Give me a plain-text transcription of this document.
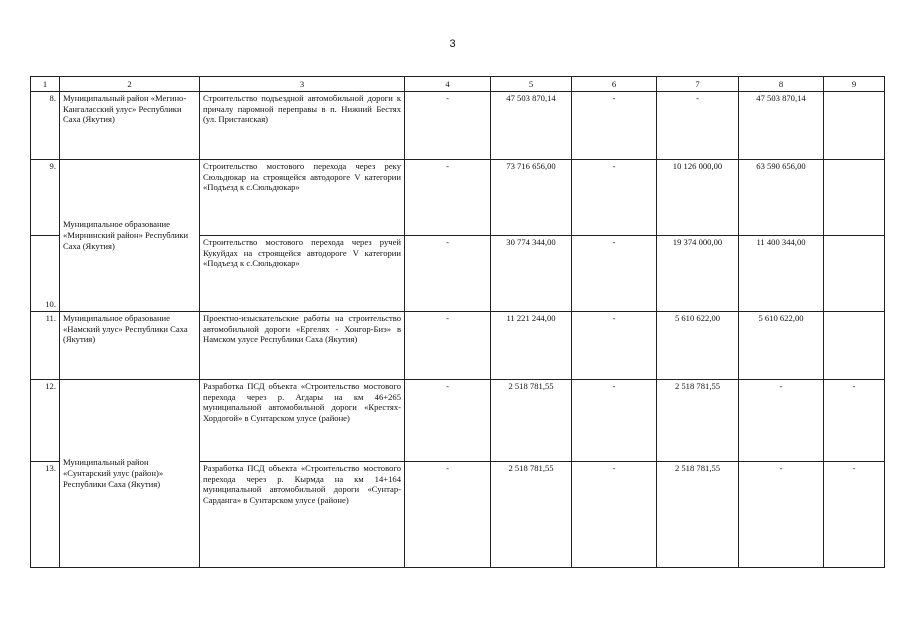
3
1	2	3	4	5	6	7	8	9
8.	Муниципальный район «Мегино-Кангаласский улус» Республики Саха (Якутия)	Строительство подъездной автомобильной дороги к причалу паромной переправы в п. Нижний Бестях (ул. Пристанская)	-	47 503 870,14	-	-	47 503 870,14	
9.	Муниципальное образование «Мирнинский район» Республики Саха (Якутия)	Строительство мостового перехода через реку Сюльдюкар на строящейся автодороге V категории «Подъезд к с.Сюльдюкар»	-	73 716 656,00	-	10 126 000,00	63 590 656,00	
10.		Строительство мостового перехода через ручей Кукуйдах на строящейся автодороге V категории «Подъезд к с.Сюльдюкар»	-	30 774 344,00	-	19 374 000,00	11 400 344,00	
11.	Муниципальное образование «Намский улус» Республики Саха (Якутия)	Проектно-изыскательские работы на строительство автомобильной дороги «Ергелях - Хонгор-Биэ» в Намском улусе Республики Саха (Якутия)	-	11 221 244,00	-	5 610 622,00	5 610 622,00	
12.	Муниципальный район «Сунтарский улус (район)» Республики Саха (Якутия)	Разработка ПСД объекта «Строительство мостового перехода через р. Агдары на км 46+265 муниципальной автомобильной дороги «Крестях-Хордогой» в Сунтарском улусе (районе)	-	2 518 781,55	-	2 518 781,55	-	-
13.		Разработка ПСД объекта «Строительство мостового перехода через р. Кырмда на км 14+164 муниципальной автомобильной дороги «Сунтар-Сарданга» в Сунтарском улусе (районе)	-	2 518 781,55	-	2 518 781,55	-	-
